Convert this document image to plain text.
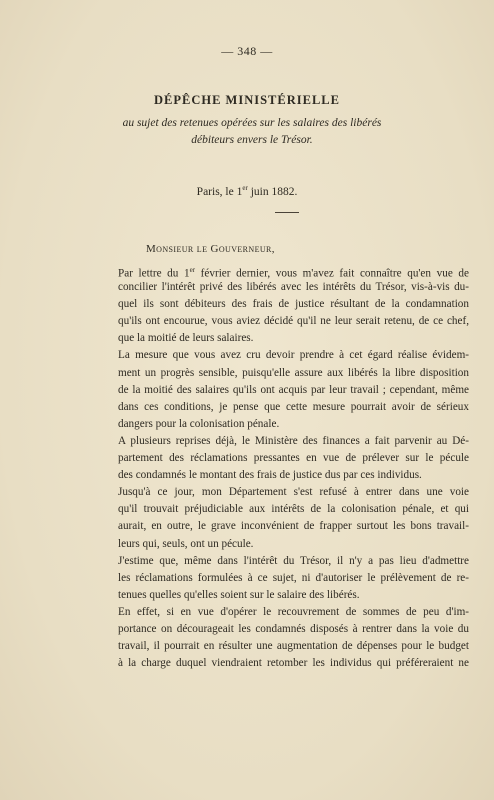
— 348 —
DÉPÊCHE MINISTÉRIELLE
au sujet des retenues opérées sur les salaires des libérés débiteurs envers le Trésor.
Paris, le 1er juin 1882.
Monsieur le Gouverneur,
Par lettre du 1er février dernier, vous m'avez fait connaître qu'en vue de
concilier l'intérêt privé des libérés avec les intérêts du Trésor, vis-à-vis du-
quel ils sont débiteurs des frais de justice résultant de la condamnation
qu'ils ont encourue, vous aviez décidé qu'il ne leur serait retenu, de ce chef,
que la moitié de leurs salaires.
La mesure que vous avez cru devoir prendre à cet égard réalise évidem-
ment un progrès sensible, puisqu'elle assure aux libérés la libre disposition
de la moitié des salaires qu'ils ont acquis par leur travail ; cependant, même
dans ces conditions, je pense que cette mesure pourrait avoir de sérieux
dangers pour la colonisation pénale.
A plusieurs reprises déjà, le Ministère des finances a fait parvenir au Dé-
partement des réclamations pressantes en vue de prélever sur le pécule
des condamnés le montant des frais de justice dus par ces individus.
Jusqu'à ce jour, mon Département s'est refusé à entrer dans une voie
qu'il trouvait préjudiciable aux intérêts de la colonisation pénale, et qui
aurait, en outre, le grave inconvénient de frapper surtout les bons travail-
leurs qui, seuls, ont un pécule.
J'estime que, même dans l'intérêt du Trésor, il n'y a pas lieu d'admettre
les réclamations formulées à ce sujet, ni d'autoriser le prélèvement de re-
tenues quelles qu'elles soient sur le salaire des libérés.
En effet, si en vue d'opérer le recouvrement de sommes de peu d'im-
portance on décourageait les condamnés disposés à rentrer dans la voie du
travail, il pourrait en résulter une augmentation de dépenses pour le budget
à la charge duquel viendraient retomber les individus qui préféreraient ne
